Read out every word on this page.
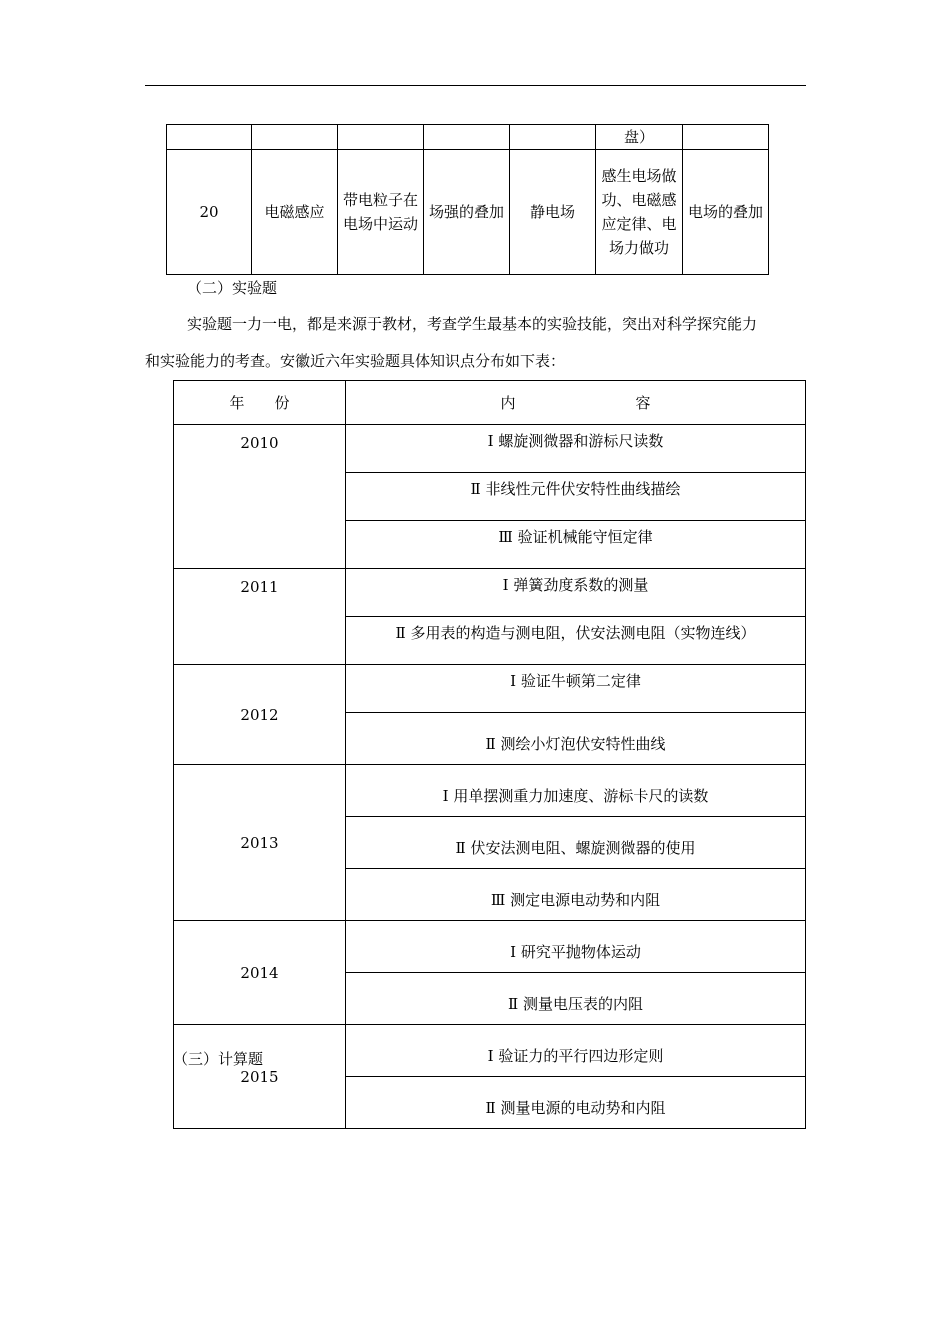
					盘）	
20	电磁感应	带电粒子在电场中运动	场强的叠加	静电场	感生电场做功、电磁感应定律、电场力做功	电场的叠加
（二）实验题
实验题一力一电，都是来源于教材，考查学生最基本的实验技能，突出对科学探究能力
和实验能力的考查。安徽近六年实验题具体知识点分布如下表：
年　　份	内　　　　　　　　容
2010	Ⅰ 螺旋测微器和游标尺读数
	Ⅱ 非线性元件伏安特性曲线描绘
	Ⅲ 验证机械能守恒定律
2011	Ⅰ 弹簧劲度系数的测量
	Ⅱ 多用表的构造与测电阻，伏安法测电阻（实物连线）
2012	Ⅰ 验证牛顿第二定律
	Ⅱ 测绘小灯泡伏安特性曲线
2013	Ⅰ 用单摆测重力加速度、游标卡尺的读数
	Ⅱ 伏安法测电阻、螺旋测微器的使用
	Ⅲ 测定电源电动势和内阻
2014	Ⅰ 研究平抛物体运动
	Ⅱ 测量电压表的内阻
2015	Ⅰ 验证力的平行四边形定则
	Ⅱ 测量电源的电动势和内阻
（三）计算题
